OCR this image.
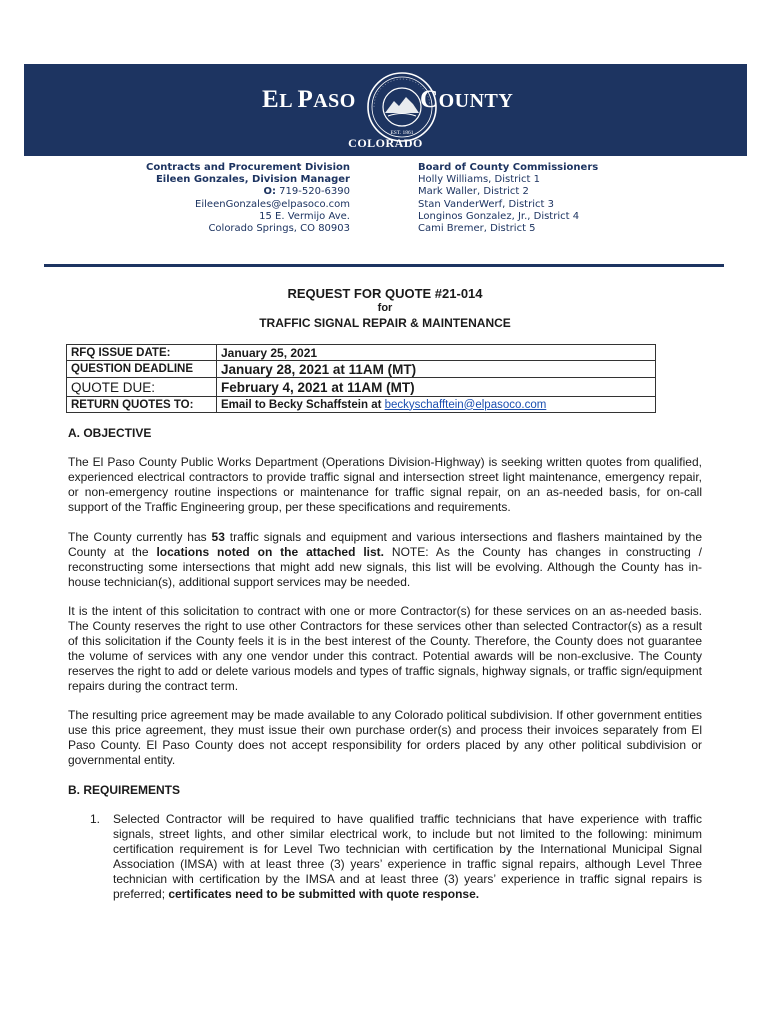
EL PASO
EST. 1861
COUNTY
COLORADO
Contracts and Procurement Division
Eileen Gonzales, Division Manager
O: 719-520-6390
EileenGonzales@elpasoco.com
15 E. Vermijo Ave.
Colorado Springs, CO 80903
Board of County Commissioners
Holly Williams, District 1
Mark Waller, District 2
Stan VanderWerf, District 3
Longinos Gonzalez, Jr., District 4
Cami Bremer, District 5
REQUEST FOR QUOTE #21-014
for
TRAFFIC SIGNAL REPAIR & MAINTENANCE
RFQ ISSUE DATE:	January 25, 2021
QUESTION DEADLINE	January 28, 2021 at 11AM (MT)
QUOTE DUE:	February 4, 2021 at 11AM (MT)
RETURN QUOTES TO:	Email to Becky Schaffstein at beckyschafftein@elpasoco.com
A. OBJECTIVE
The El Paso County Public Works Department (Operations Division-Highway) is seeking written quotes from qualified, experienced electrical contractors to provide traffic signal and intersection street light maintenance, emergency repair, or non-emergency routine inspections or maintenance for traffic signal repair, on an as-needed basis, for on-call support of the Traffic Engineering group, per these specifications and requirements.
The County currently has 53 traffic signals and equipment and various intersections and flashers maintained by the County at the locations noted on the attached list. NOTE: As the County has changes in constructing / reconstructing some intersections that might add new signals, this list will be evolving. Although the County has in-house technician(s), additional support services may be needed.
It is the intent of this solicitation to contract with one or more Contractor(s) for these services on an as-needed basis. The County reserves the right to use other Contractors for these services other than selected Contractor(s) as a result of this solicitation if the County feels it is in the best interest of the County. Therefore, the County does not guarantee the volume of services with any one vendor under this contract. Potential awards will be non-exclusive. The County reserves the right to add or delete various models and types of traffic signals, highway signals, or traffic sign/equipment repairs during the contract term.
The resulting price agreement may be made available to any Colorado political subdivision. If other government entities use this price agreement, they must issue their own purchase order(s) and process their invoices separately from El Paso County. El Paso County does not accept responsibility for orders placed by any other political subdivision or governmental entity.
B. REQUIREMENTS
1. Selected Contractor will be required to have qualified traffic technicians that have experience with traffic signals, street lights, and other similar electrical work, to include but not limited to the following: minimum certification requirement is for Level Two technician with certification by the International Municipal Signal Association (IMSA) with at least three (3) years’ experience in traffic signal repairs, although Level Three technician with certification by the IMSA and at least three (3) years’ experience in traffic signal repairs is preferred; certificates need to be submitted with quote response.
